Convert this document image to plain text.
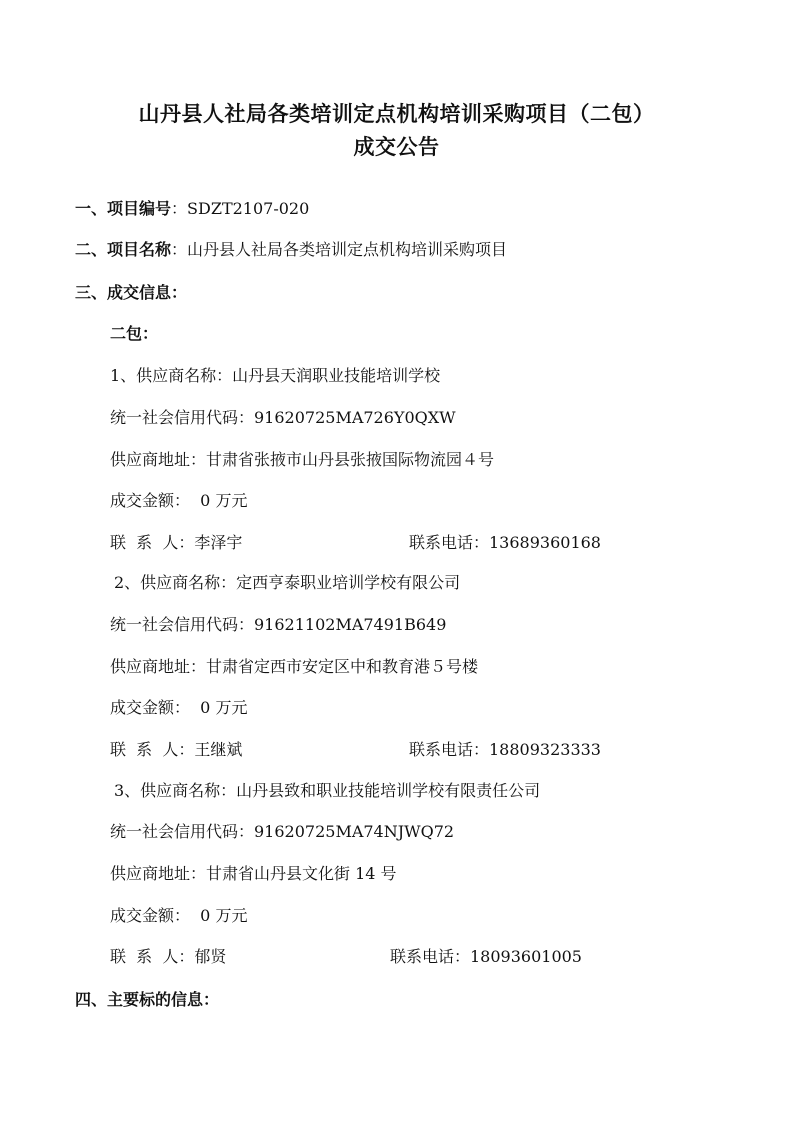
山丹县人社局各类培训定点机构培训采购项目（二包）
成交公告
一、项目编号：SDZT2107-020
二、项目名称：山丹县人社局各类培训定点机构培训采购项目
三、成交信息：
二包：
1、供应商名称：山丹县天润职业技能培训学校
统一社会信用代码：91620725MA726Y0QXW
供应商地址：甘肃省张掖市山丹县张掖国际物流园４号
成交金额：  0 万元
联  系  人：李泽宇	联系电话：13689360168
2、供应商名称：定西亨泰职业培训学校有限公司
统一社会信用代码：91621102MA7491B649
供应商地址：甘肃省定西市安定区中和教育港５号楼
成交金额：  0 万元
联  系  人：王继斌	联系电话：18809323333
3、供应商名称：山丹县致和职业技能培训学校有限责任公司
统一社会信用代码：91620725MA74NJWQ72
供应商地址：甘肃省山丹县文化街 14 号
成交金额：  0 万元
联  系  人：郁贤	联系电话：18093601005
四、主要标的信息：
